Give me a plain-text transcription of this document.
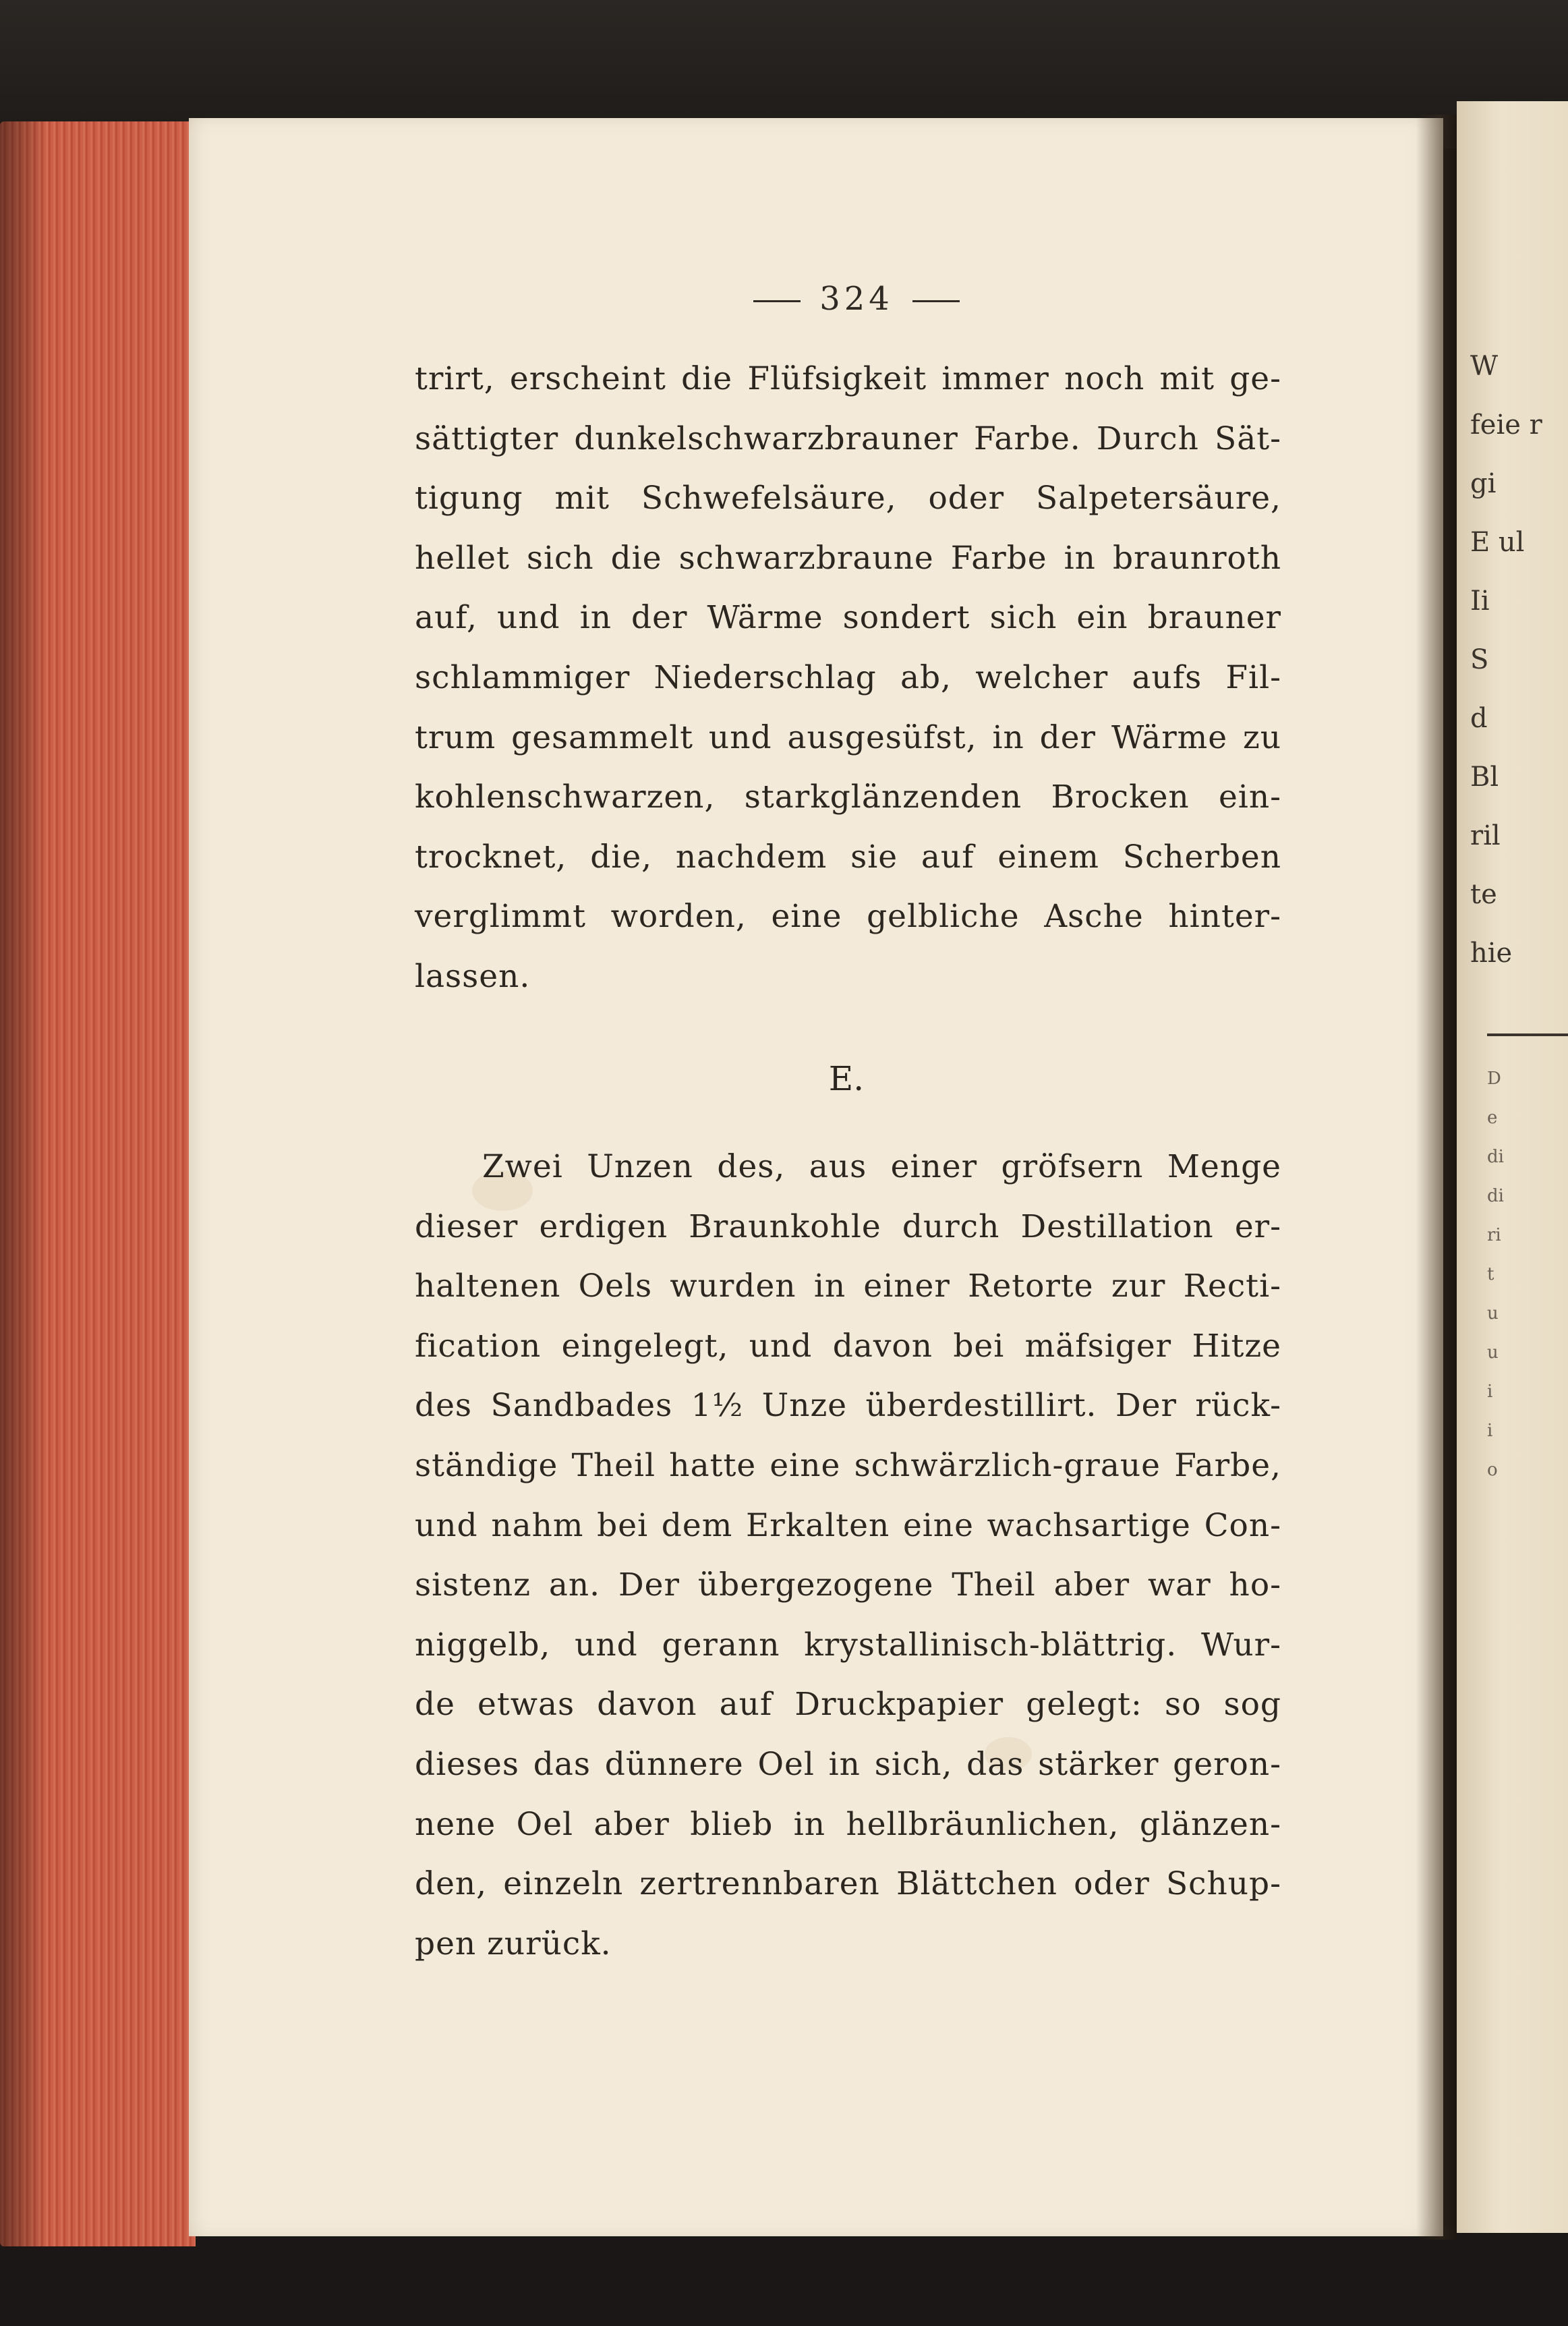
W
feie r
gi
E ul
Ii
S
d
Bl
ril
te
hie
D
e
di
di
ri
t
u
u
i
i
o
324
trirt, erscheint die Flüfsigkeit immer noch mit ge-
sättigter dunkelschwarzbrauner Farbe. Durch Sät-
tigung mit Schwefelsäure, oder Salpetersäure,
hellet sich die schwarzbraune Farbe in braunroth
auf, und in der Wärme sondert sich ein brauner
schlammiger Niederschlag ab, welcher aufs Fil-
trum gesammelt und ausgesüfst, in der Wärme zu
kohlenschwarzen, starkglänzenden Brocken ein-
trocknet, die, nachdem sie auf einem Scherben
verglimmt worden, eine gelbliche Asche hinter-
lassen.
E.
Zwei Unzen des, aus einer gröfsern Menge
dieser erdigen Braunkohle durch Destillation er-
haltenen Oels wurden in einer Retorte zur Recti-
fication eingelegt, und davon bei mäfsiger Hitze
des Sandbades 1½ Unze überdestillirt. Der rück-
ständige Theil hatte eine schwärzlich-graue Farbe,
und nahm bei dem Erkalten eine wachsartige Con-
sistenz an. Der übergezogene Theil aber war ho-
niggelb, und gerann krystallinisch-blättrig. Wur-
de etwas davon auf Druckpapier gelegt: so sog
dieses das dünnere Oel in sich, das stärker geron-
nene Oel aber blieb in hellbräunlichen, glänzen-
den, einzeln zertrennbaren Blättchen oder Schup-
pen zurück.
